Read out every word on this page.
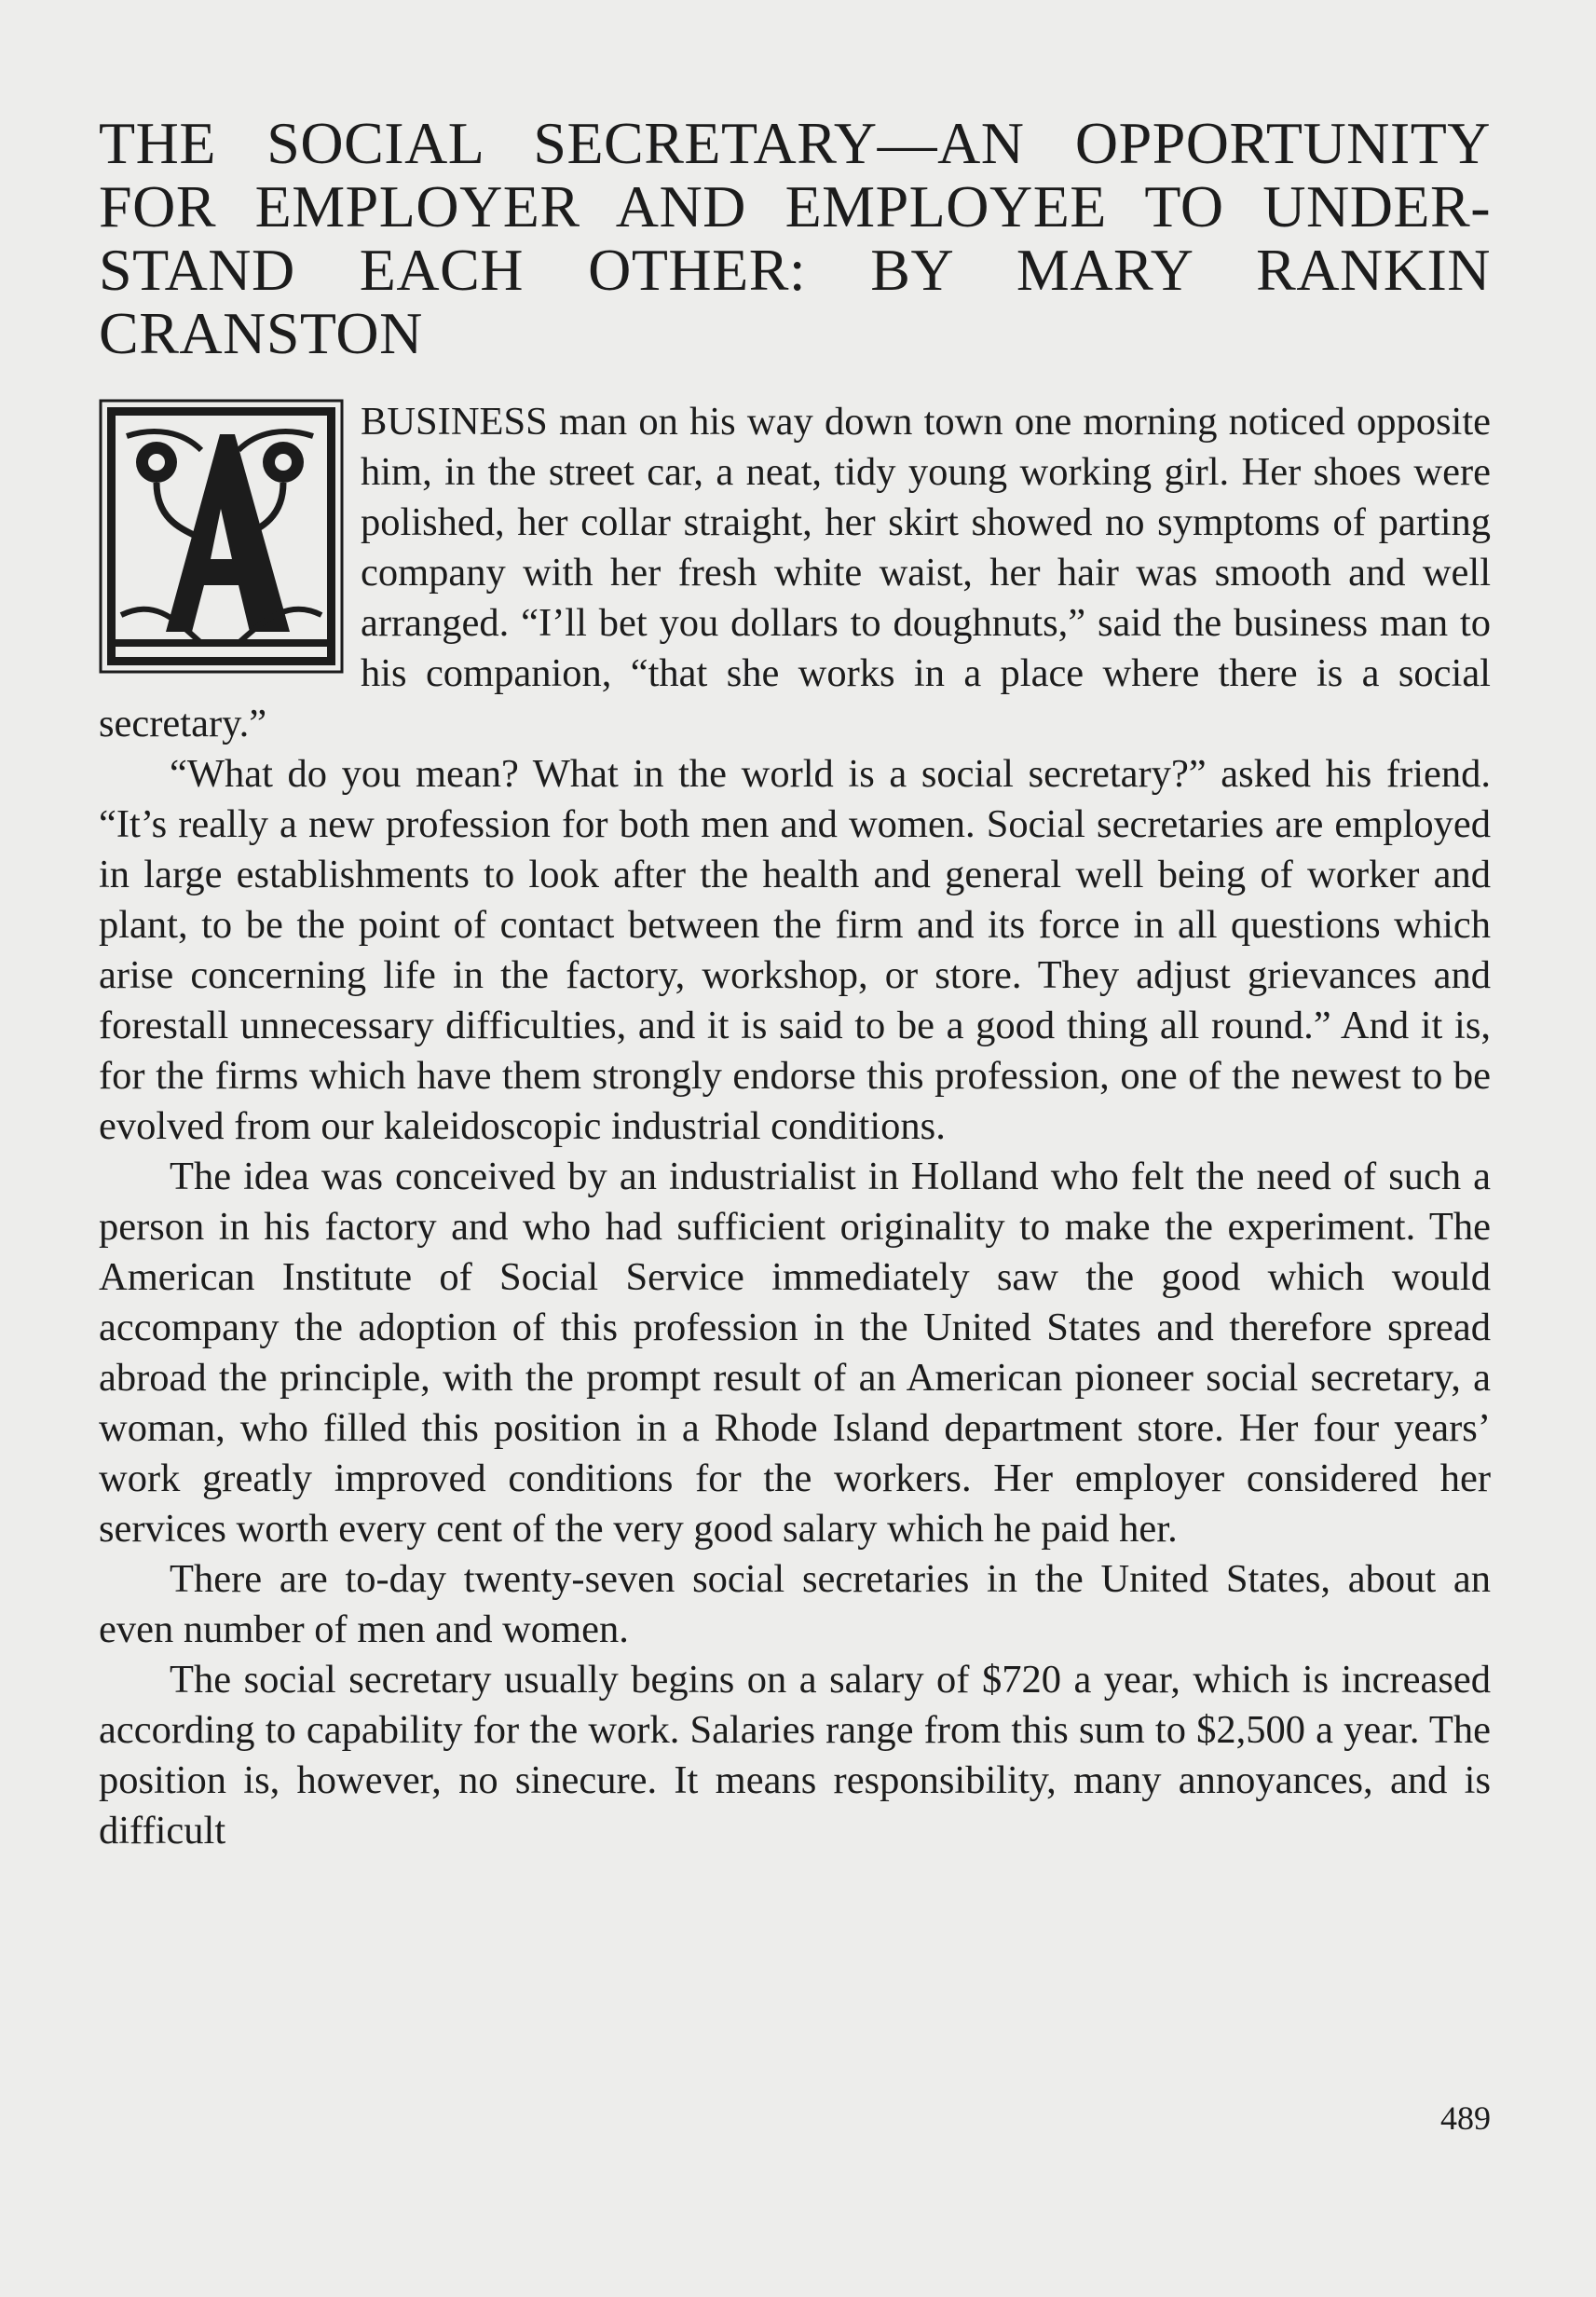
THE SOCIAL SECRETARY—AN OPPORTUNITY
FOR EMPLOYER AND EMPLOYEE TO UNDER-
STAND EACH OTHER: BY MARY RANKIN
CRANSTON

BUSINESS man on his way down town one morning noticed opposite him, in the street car, a neat, tidy young working girl. Her shoes were polished, her collar straight, her skirt showed no symptoms of parting company with her fresh white waist, her hair was smooth and well arranged. “I’ll bet you dollars to doughnuts,” said the business man to his companion, “that she works in a place where there is a social secretary.”

“What do you mean? What in the world is a social secretary?” asked his friend. “It’s really a new profession for both men and women. Social secretaries are employed in large establishments to look after the health and general well being of worker and plant, to be the point of contact between the firm and its force in all questions which arise concerning life in the factory, workshop, or store. They adjust grievances and forestall unnecessary difficulties, and it is said to be a good thing all round.” And it is, for the firms which have them strongly endorse this profession, one of the newest to be evolved from our kaleidoscopic industrial conditions.

The idea was conceived by an industrialist in Holland who felt the need of such a person in his factory and who had sufficient originality to make the experiment. The American Institute of Social Service immediately saw the good which would accompany the adoption of this profession in the United States and therefore spread abroad the principle, with the prompt result of an American pioneer social secretary, a woman, who filled this position in a Rhode Island department store. Her four years’ work greatly improved conditions for the workers. Her employer considered her services worth every cent of the very good salary which he paid her.

There are to-day twenty-seven social secretaries in the United States, about an even number of men and women.

The social secretary usually begins on a salary of $720 a year, which is increased according to capability for the work. Salaries range from this sum to $2,500 a year. The position is, however, no sinecure. It means responsibility, many annoyances, and is difficult

489
